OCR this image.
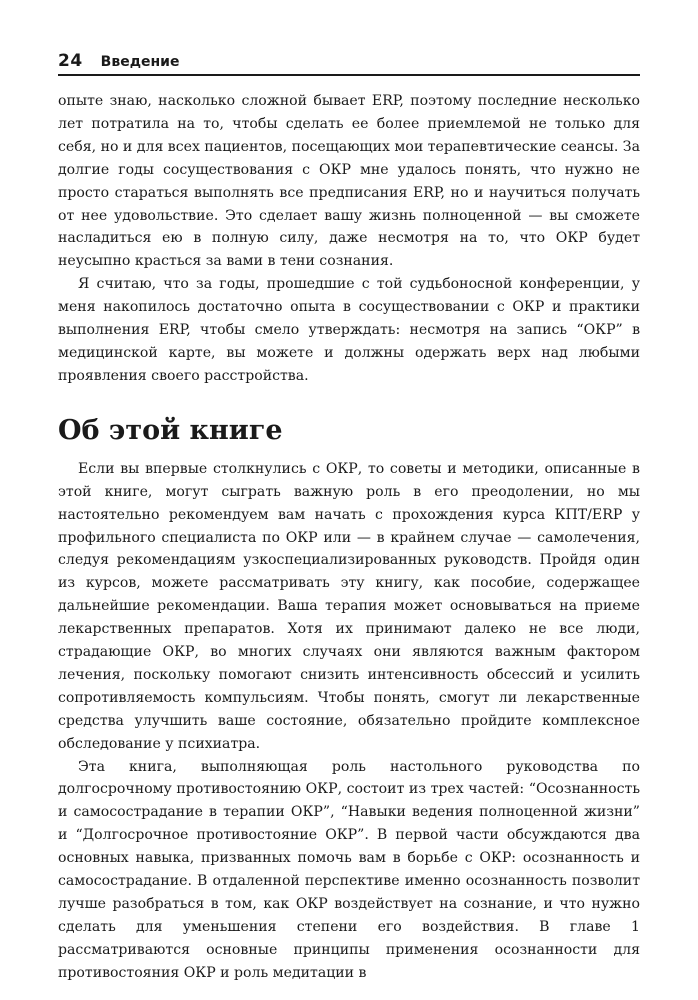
24 Введение

опыте знаю, насколько сложной бывает ERP, поэтому последние несколько лет потратила на то, чтобы сделать ее более приемлемой не только для себя, но и для всех пациентов, посещающих мои терапевтические сеансы. За долгие годы сосуществования с ОКР мне удалось понять, что нужно не просто стараться выполнять все предписания ERP, но и научиться получать от нее удовольствие. Это сделает вашу жизнь полноценной — вы сможете насладиться ею в полную силу, даже несмотря на то, что ОКР будет неусыпно красться за вами в тени сознания.

Я считаю, что за годы, прошедшие с той судьбоносной конференции, у меня накопилось достаточно опыта в сосуществовании с ОКР и практики выполнения ERP, чтобы смело утверждать: несмотря на запись “ОКР” в медицинской карте, вы можете и должны одержать верх над любыми проявления своего расстройства.

Об этой книге

Если вы впервые столкнулись с ОКР, то советы и методики, описанные в этой книге, могут сыграть важную роль в его преодолении, но мы настоятельно рекомендуем вам начать с прохождения курса КПТ/ERP у профильного специалиста по ОКР или — в крайнем случае — самолечения, следуя рекомендациям узкоспециализированных руководств. Пройдя один из курсов, можете рассматривать эту книгу, как пособие, содержащее дальнейшие рекомендации. Ваша терапия может основываться на приеме лекарственных препаратов. Хотя их принимают далеко не все люди, страдающие ОКР, во многих случаях они являются важным фактором лечения, поскольку помогают снизить интенсивность обсессий и усилить сопротивляемость компульсиям. Чтобы понять, смогут ли лекарственные средства улучшить ваше состояние, обязательно пройдите комплексное обследование у психиатра.

Эта книга, выполняющая роль настольного руководства по долгосрочному противостоянию ОКР, состоит из трех частей: “Осознанность и самосострадание в терапии ОКР”, “Навыки ведения полноценной жизни” и “Долгосрочное противостояние ОКР”. В первой части обсуждаются два основных навыка, призванных помочь вам в борьбе с ОКР: осознанность и самосострадание. В отдаленной перспективе именно осознанность позволит лучше разобраться в том, как ОКР воздействует на сознание, и что нужно сделать для уменьшения степени его воздействия. В главе 1 рассматриваются основные принципы применения осознанности для противостояния ОКР и роль медитации в
